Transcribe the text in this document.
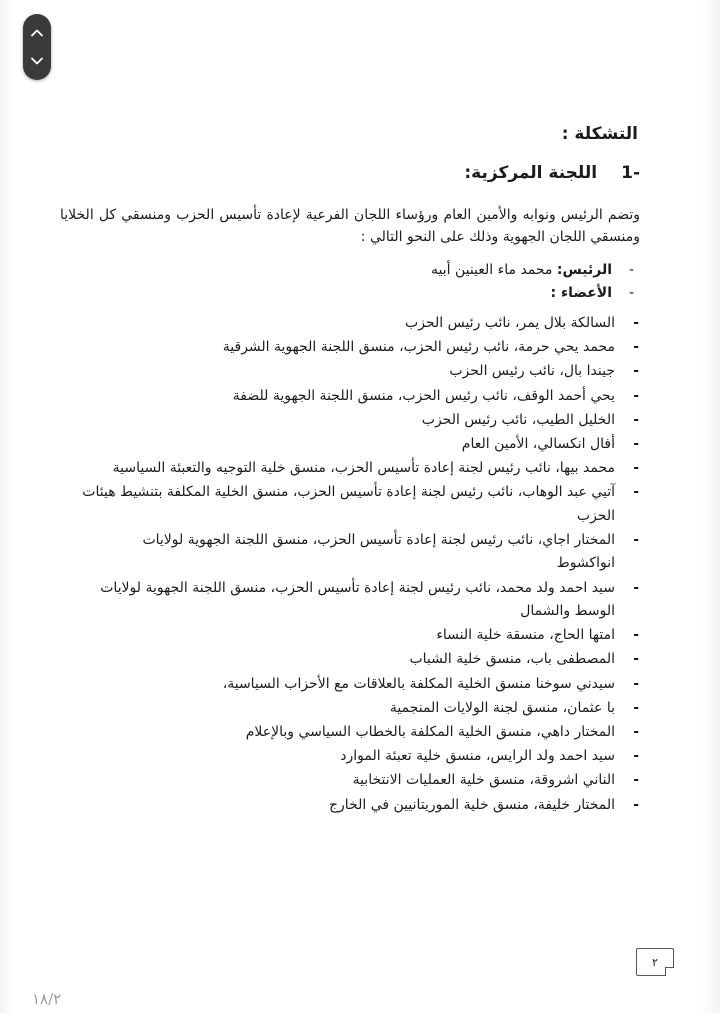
التشكلة :
-1
اللجنة المركزية:

وتضم الرئيس ونوابه والأمين العام ورؤساء اللجان الفرعية لإعادة تأسيس الحزب ومنسقي كل الخلايا ومنسقي اللجان الجهوية وذلك على النحو التالي :

- الرئيس: محمد ماء العينين أبيه
- الأعضاء :
- السالكة بلال يمر، نائب رئيس الحزب
- محمد يحي حرمة، نائب رئيس الحزب، منسق اللجنة الجهوية الشرقية
- جيندا بال، نائب رئيس الحزب
- يحي أحمد الوقف، نائب رئيس الحزب، منسق اللجنة الجهوية للضفة
- الخليل الطيب، نائب رئيس الحزب
- أفال انكسالي، الأمين العام
- محمد بيها، نائب رئيس لجنة إعادة تأسيس الحزب، منسق خلية التوجيه والتعبئة السياسية
- آتيي عبد الوهاب، نائب رئيس لجنة إعادة تأسيس الحزب، منسق الخلية المكلفة بتنشيط هيئات الحزب
- المختار اجاي، نائب رئيس لجنة إعادة تأسيس الحزب، منسق اللجنة الجهوية لولايات انواكشوط
- سيد احمد ولد محمد، نائب رئيس لجنة إعادة تأسيس الحزب، منسق اللجنة الجهوية لولايات الوسط والشمال
- امتها الحاج، منسقة خلية النساء
- المصطفى باب، منسق خلية الشباب
- سيدني سوخنا منسق الخلية المكلفة بالعلاقات مع الأحزاب السياسية،
- با عثمان، منسق لجنة الولايات المنجمية
- المختار داهي، منسق الخلية المكلفة بالخطاب السياسي وبالإعلام
- سيد احمد ولد الرايس، منسق خلية تعبئة الموارد
- الناني اشروقة، منسق خلية العمليات الانتخابية
- المختار خليفة، منسق خلية الموريتانيين في الخارج
٢
١٨/٢
